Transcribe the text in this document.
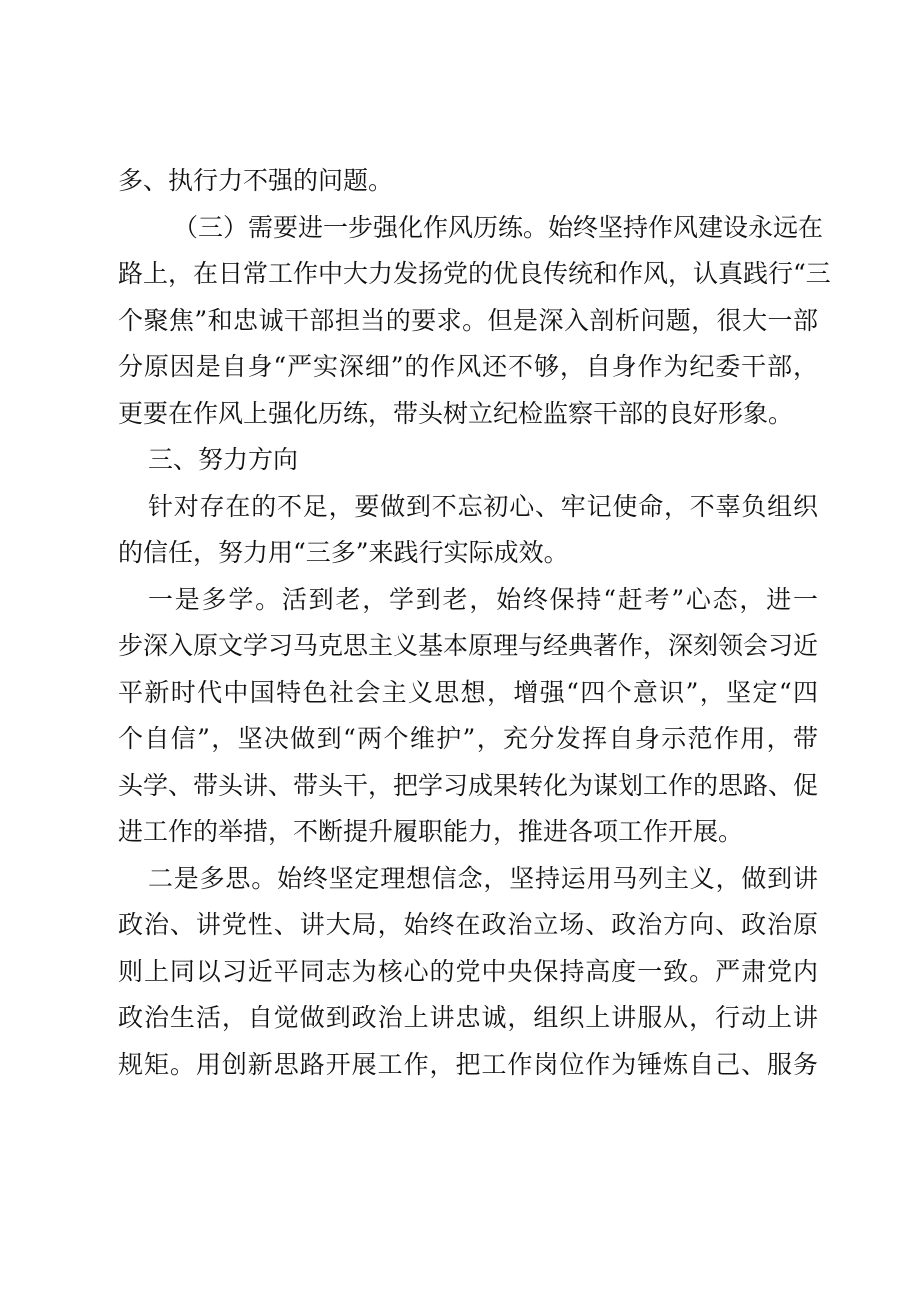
多、执行力不强的问题。
（三）需要进一步强化作风历练。始终坚持作风建设永远在
路上，在日常工作中大力发扬党的优良传统和作风，认真践行“三
个聚焦”和忠诚干部担当的要求。但是深入剖析问题，很大一部
分原因是自身“严实深细”的作风还不够，自身作为纪委干部，
更要在作风上强化历练，带头树立纪检监察干部的良好形象。
三、努力方向
针对存在的不足，要做到不忘初心、牢记使命，不辜负组织
的信任，努力用“三多”来践行实际成效。
一是多学。活到老，学到老，始终保持“赶考”心态，进一
步深入原文学习马克思主义基本原理与经典著作，深刻领会习近
平新时代中国特色社会主义思想，增强“四个意识”，坚定“四
个自信”，坚决做到“两个维护”，充分发挥自身示范作用，带
头学、带头讲、带头干，把学习成果转化为谋划工作的思路、促
进工作的举措，不断提升履职能力，推进各项工作开展。
二是多思。始终坚定理想信念，坚持运用马列主义，做到讲
政治、讲党性、讲大局，始终在政治立场、政治方向、政治原
则上同以习近平同志为核心的党中央保持高度一致。严肃党内
政治生活，自觉做到政治上讲忠诚，组织上讲服从，行动上讲
规矩。用创新思路开展工作，把工作岗位作为锤炼自己、服务
